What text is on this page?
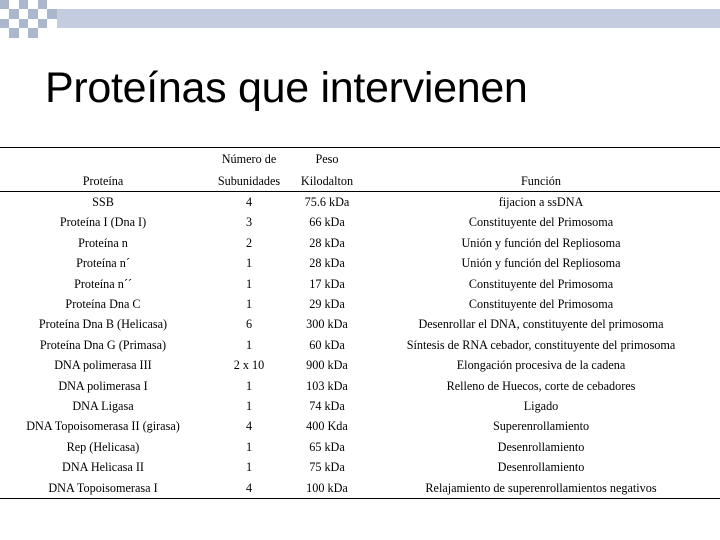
Proteínas que intervienen
	Número de	Peso	
Proteína	Subunidades	Kilodalton	Función
SSB	4	75.6 kDa	fijacion a ssDNA
Proteína I (Dna I)	3	66 kDa	Constituyente del Primosoma
Proteína n	2	28 kDa	Unión y función del Repliosoma
Proteína n´	1	28 kDa	Unión y función del Repliosoma
Proteína n´´	1	17 kDa	Constituyente del Primosoma
Proteína Dna C	1	29 kDa	Constituyente del Primosoma
Proteína Dna B (Helicasa)	6	300 kDa	Desenrollar el DNA, constituyente del primosoma
Proteína Dna G (Primasa)	1	60 kDa	Síntesis de RNA cebador, constituyente del primosoma
DNA polimerasa III	2 x 10	900 kDa	Elongación procesiva de la cadena
DNA polimerasa I	1	103 kDa	Relleno de Huecos, corte de cebadores
DNA Ligasa	1	74 kDa	Ligado
DNA Topoisomerasa II (girasa)	4	400 Kda	Superenrollamiento
Rep (Helicasa)	1	65 kDa	Desenrollamiento
DNA Helicasa II	1	75 kDa	Desenrollamiento
DNA Topoisomerasa I	4	100 kDa	Relajamiento de superenrollamientos negativos
